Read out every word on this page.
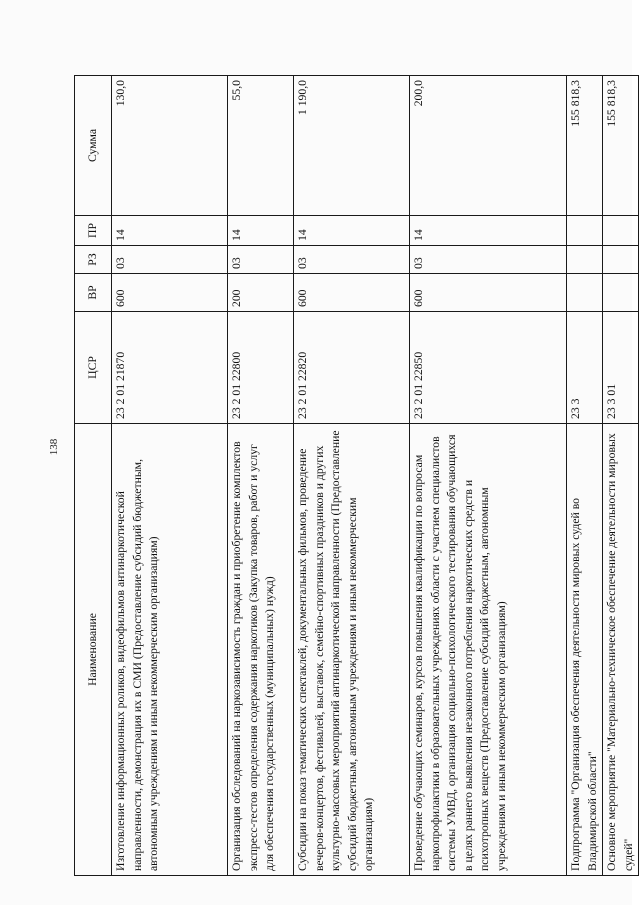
138
Наименование	ЦСР	ВР	РЗ	ПР	Сумма
Изготовление информационных роликов, видеофильмов антинаркотической направленности, демонстрация их в СМИ (Предоставление субсидий бюджетным, автономным учреждениям и иным некоммерческим организациям)	23 2 01 21870	600	03	14	130,0
Организация обследований на наркозависимость граждан и приобретение комплектов экспресс-тестов определения содержания наркотиков (Закупка товаров, работ и услуг для обеспечения государственных (муниципальных) нужд)	23 2 01 22800	200	03	14	55,0
Субсидии на показ тематических спектаклей, документальных фильмов, проведение вечеров-концертов, фестивалей, выставок, семейно-спортивных праздников и других культурно-массовых мероприятий антинаркотической направленности (Предоставление субсидий бюджетным, автономным учреждениям и иным некоммерческим организациям)	23 2 01 22820	600	03	14	1 190,0
Проведение обучающих семинаров, курсов повышения квалификации по вопросам наркопрофилактики в образовательных учреждениях области с участием специалистов системы УМВД, организация социально-психологического тестирования обучающихся в целях раннего выявления незаконного потребления наркотических средств и психотропных веществ (Предоставление субсидий бюджетным, автономным учреждениям и иным некоммерческим организациям)	23 2 01 22850	600	03	14	200,0
Подпрограмма "Организация обеспечения деятельности мировых судей во Владимирской области"	23 3				155 818,3
Основное мероприятие "Материально-техническое обеспечение деятельности мировых судей"	23 3 01				155 818,3
